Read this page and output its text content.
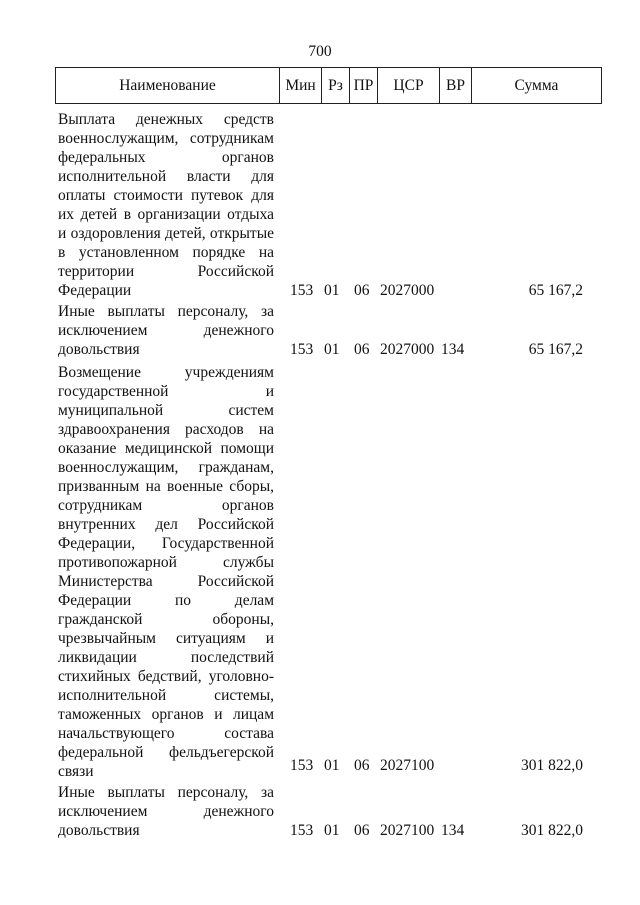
700
Наименование	Мин Рз ПР	ЦСР	ВР	Сумма
Выплата денежных средств военнослужащим, сотрудникам федеральных органов исполнительной власти для оплаты стоимости путевок для их детей в организации отдыха и оздоровления детей, открытые в установленном порядке на территории Российской Федерации	153 01 06 2027000	65 167,2
Иные выплаты персоналу, за исключением денежного довольствия	153 01 06 2027000 134	65 167,2
Возмещение учреждениям государственной и муниципальной систем здравоохранения расходов на оказание медицинской помощи военнослужащим, гражданам, призванным на военные сборы, сотрудникам органов внутренних дел Российской Федерации, Государственной противопожарной службы Министерства Российской Федерации по делам гражданской обороны, чрезвычайным ситуациям и ликвидации последствий стихийных бедствий, уголовно-исполнительной системы, таможенных органов и лицам начальствующего состава федеральной фельдъегерской связи	153 01 06 2027100	301 822,0
Иные выплаты персоналу, за исключением денежного довольствия	153 01 06 2027100 134	301 822,0
